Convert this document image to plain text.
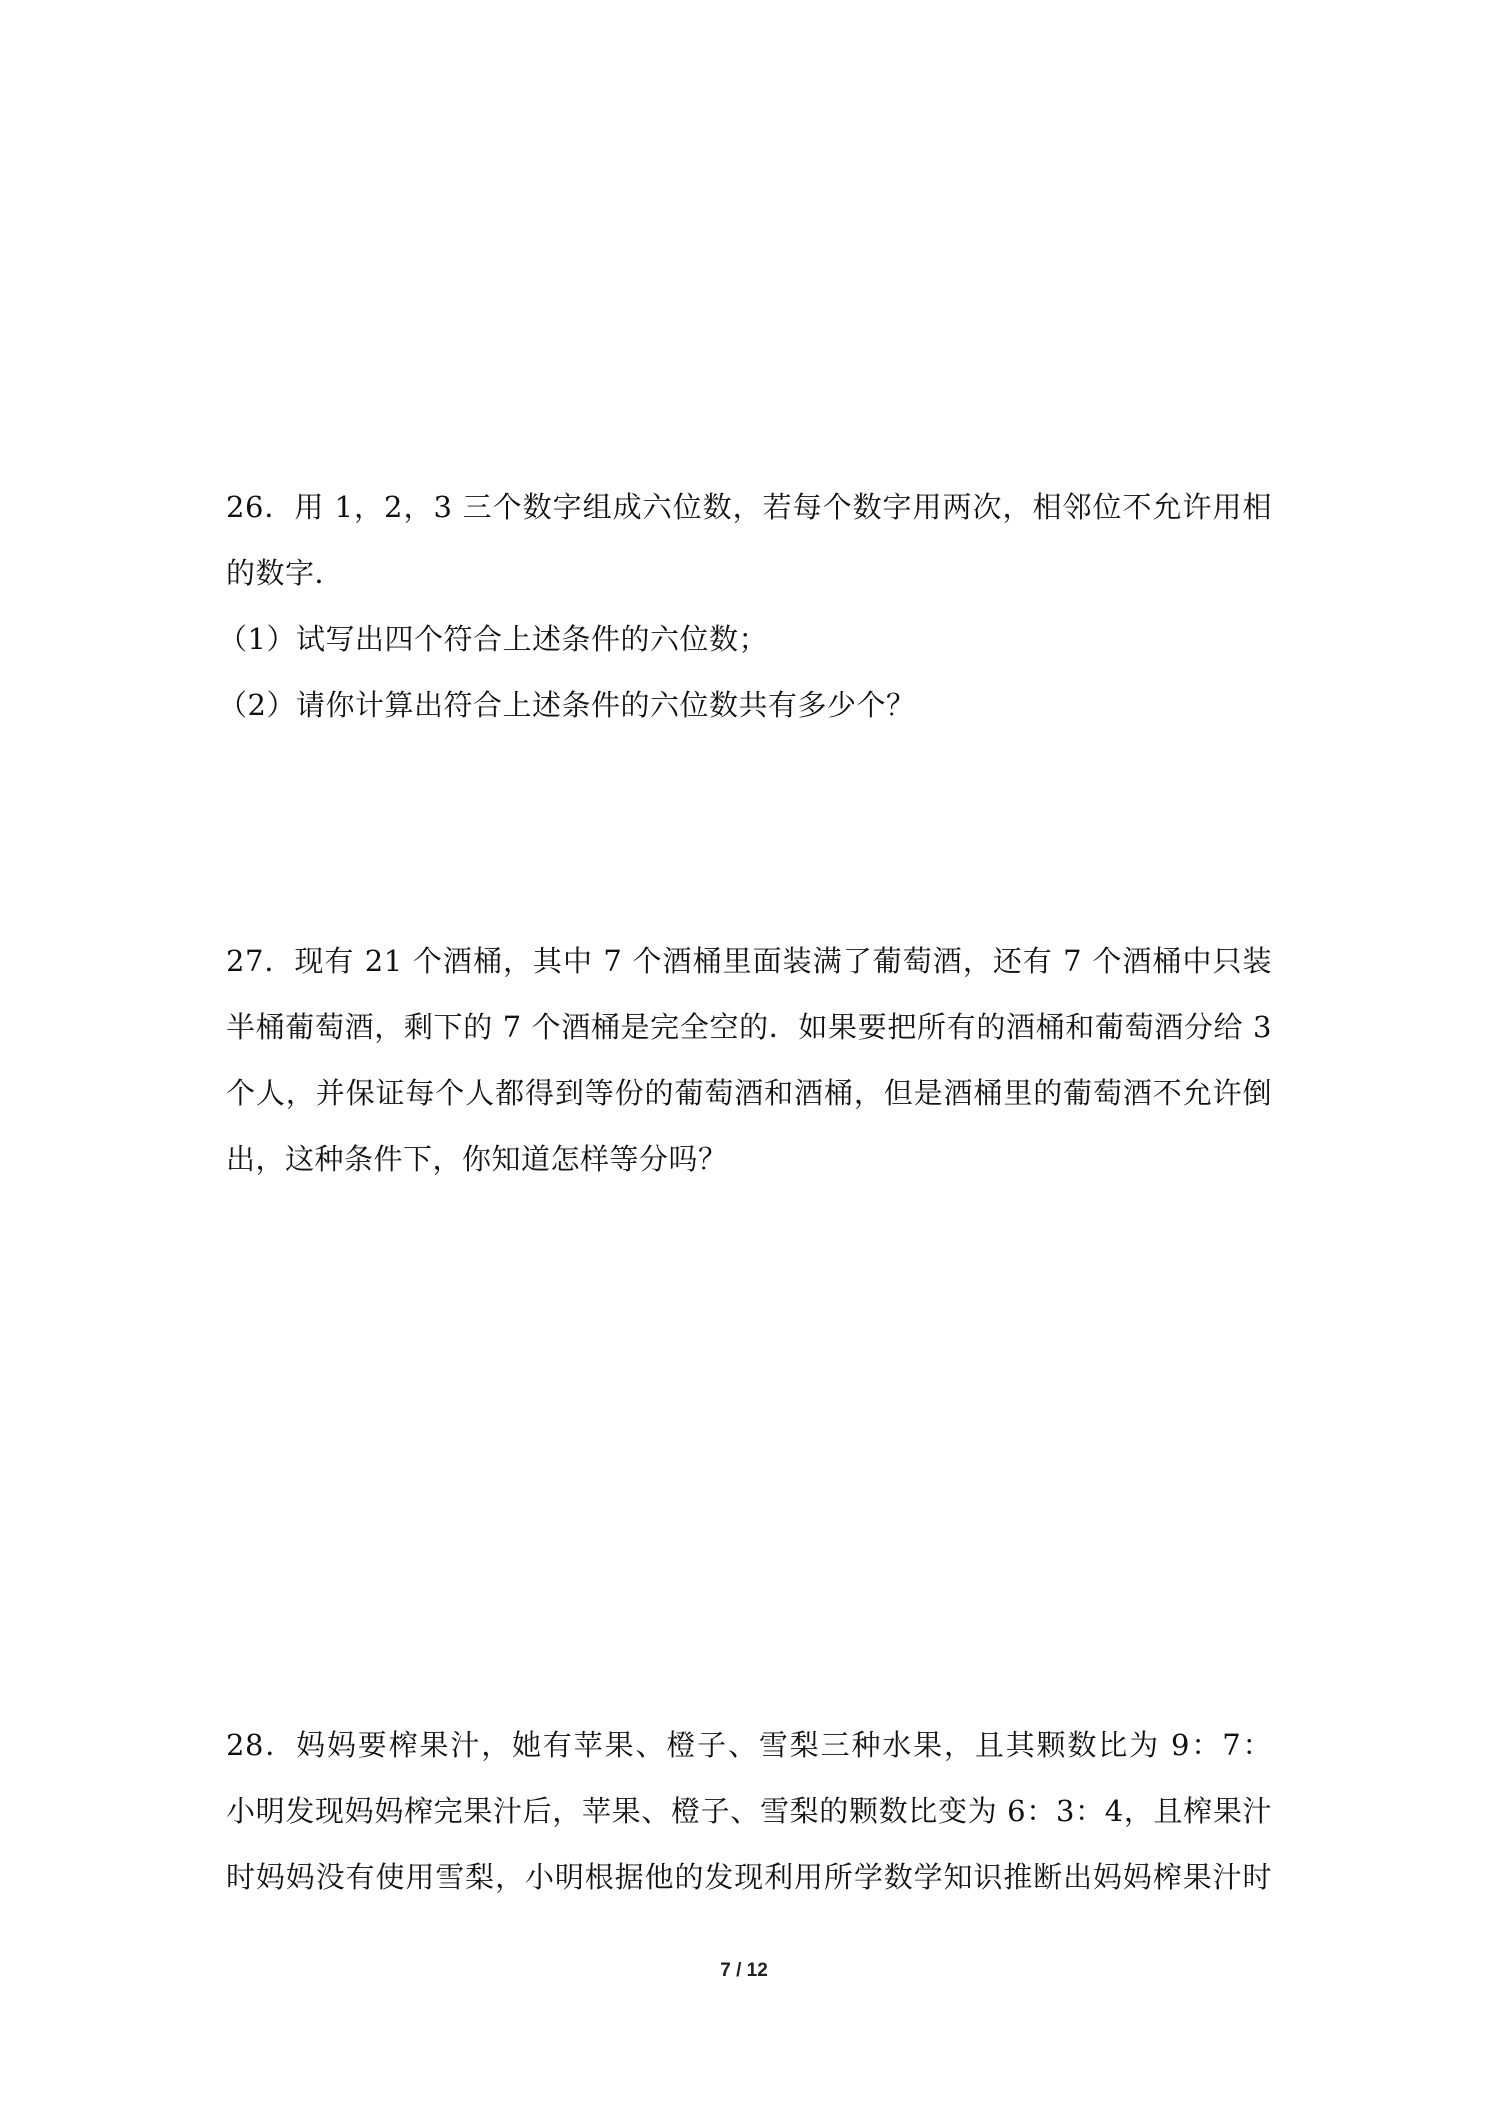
26．用 1，2，3 三个数字组成六位数，若每个数字用两次，相邻位不允许用相
的数字．
（1）试写出四个符合上述条件的六位数；
（2）请你计算出符合上述条件的六位数共有多少个？
27．现有 21 个酒桶，其中 7 个酒桶里面装满了葡萄酒，还有 7 个酒桶中只装
半桶葡萄酒，剩下的 7 个酒桶是完全空的．如果要把所有的酒桶和葡萄酒分给 3
个人，并保证每个人都得到等份的葡萄酒和酒桶，但是酒桶里的葡萄酒不允许倒
出，这种条件下，你知道怎样等分吗？
28．妈妈要榨果汁，她有苹果、橙子、雪梨三种水果，且其颗数比为 9：7：
小明发现妈妈榨完果汁后，苹果、橙子、雪梨的颗数比变为 6：3：4，且榨果汁
时妈妈没有使用雪梨，小明根据他的发现利用所学数学知识推断出妈妈榨果汁时
7 / 12
